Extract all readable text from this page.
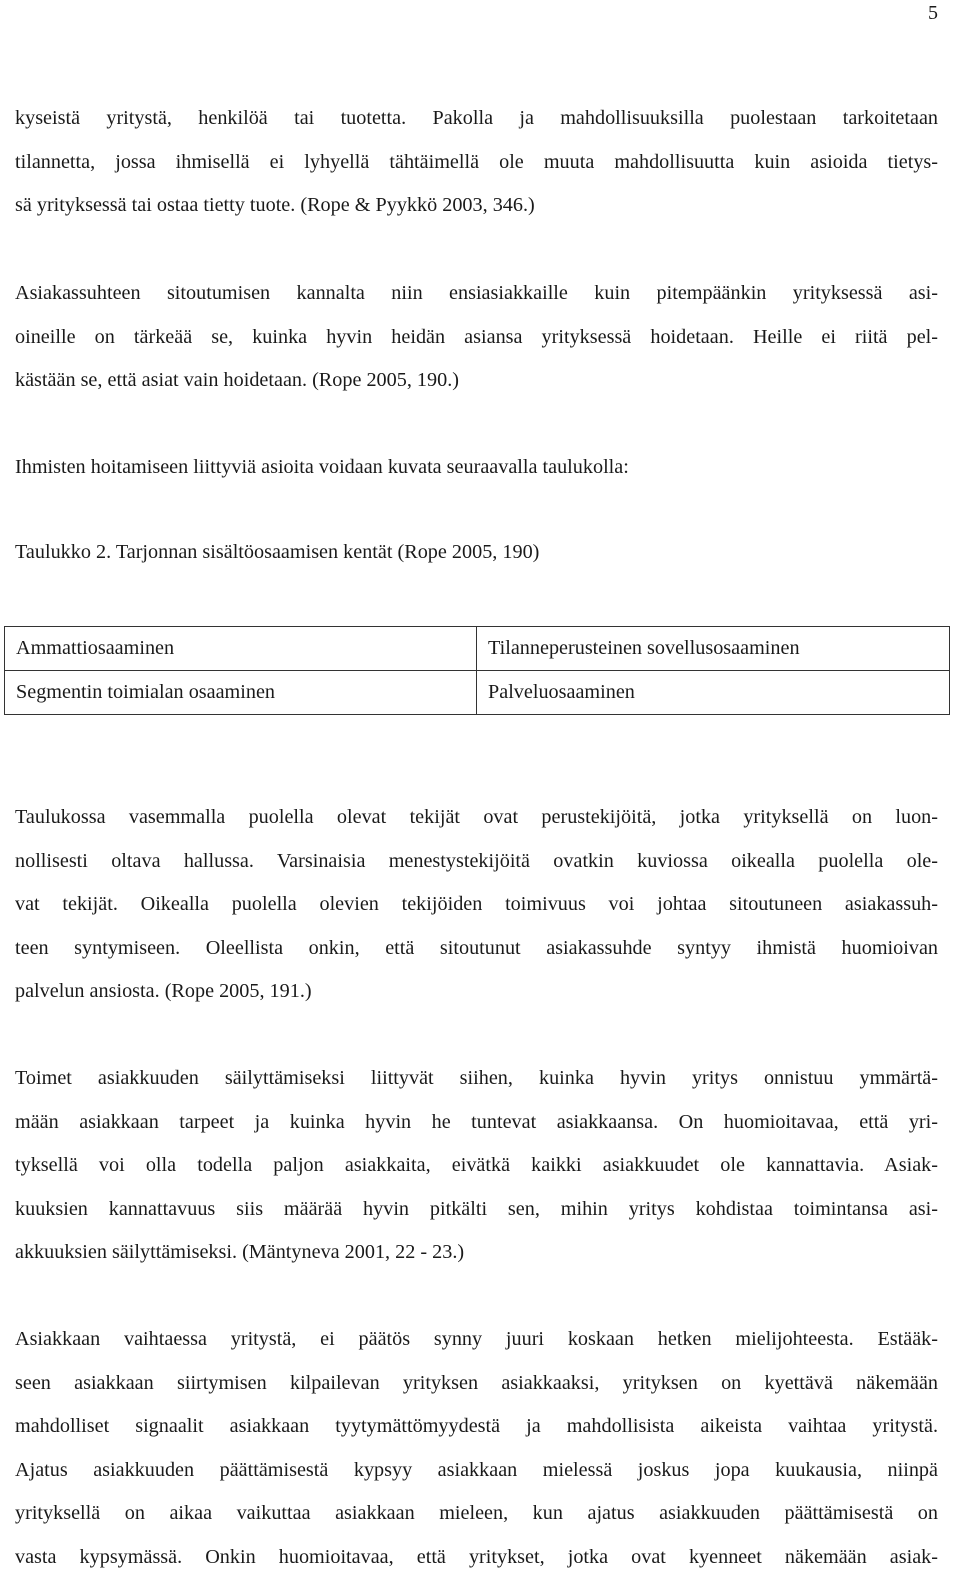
5
kyseistä yritystä, henkilöä tai tuotetta. Pakolla ja mahdollisuuksilla puolestaan tarkoitetaan
tilannetta, jossa ihmisellä ei lyhyellä tähtäimellä ole muuta mahdollisuutta kuin asioida tietys-
sä yrityksessä tai ostaa tietty tuote. (Rope & Pyykkö 2003, 346.)
Asiakassuhteen sitoutumisen kannalta niin ensiasiakkaille kuin pitempäänkin yrityksessä asi-
oineille on tärkeää se, kuinka hyvin heidän asiansa yrityksessä hoidetaan. Heille ei riitä pel-
kästään se, että asiat vain hoidetaan. (Rope 2005, 190.)
Ihmisten hoitamiseen liittyviä asioita voidaan kuvata seuraavalla taulukolla:
Taulukko 2. Tarjonnan sisältöosaamisen kentät (Rope 2005, 190)
Ammattiosaaminen	Tilanneperusteinen sovellusosaaminen
Segmentin toimialan osaaminen	Palveluosaaminen
Taulukossa vasemmalla puolella olevat tekijät ovat perustekijöitä, jotka yrityksellä on luon-
nollisesti oltava hallussa. Varsinaisia menestystekijöitä ovatkin kuviossa oikealla puolella ole-
vat tekijät. Oikealla puolella olevien tekijöiden toimivuus voi johtaa sitoutuneen asiakassuh-
teen syntymiseen. Oleellista onkin, että sitoutunut asiakassuhde syntyy ihmistä huomioivan
palvelun ansiosta. (Rope 2005, 191.)
Toimet asiakkuuden säilyttämiseksi liittyvät siihen, kuinka hyvin yritys onnistuu ymmärtä-
mään asiakkaan tarpeet ja kuinka hyvin he tuntevat asiakkaansa. On huomioitavaa, että yri-
tyksellä voi olla todella paljon asiakkaita, eivätkä kaikki asiakkuudet ole kannattavia. Asiak-
kuuksien kannattavuus siis määrää hyvin pitkälti sen, mihin yritys kohdistaa toimintansa asi-
akkuuksien säilyttämiseksi. (Mäntyneva 2001, 22 - 23.)
Asiakkaan vaihtaessa yritystä, ei päätös synny juuri koskaan hetken mielijohteesta. Estääk-
seen asiakkaan siirtymisen kilpailevan yrityksen asiakkaaksi, yrityksen on kyettävä näkemään
mahdolliset signaalit asiakkaan tyytymättömyydestä ja mahdollisista aikeista vaihtaa yritystä.
Ajatus asiakkuuden päättämisestä kypsyy asiakkaan mielessä joskus jopa kuukausia, niinpä
yrityksellä on aikaa vaikuttaa asiakkaan mieleen, kun ajatus asiakkuuden päättämisestä on
vasta kypsymässä. Onkin huomioitavaa, että yritykset, jotka ovat kyenneet näkemään asiak-
